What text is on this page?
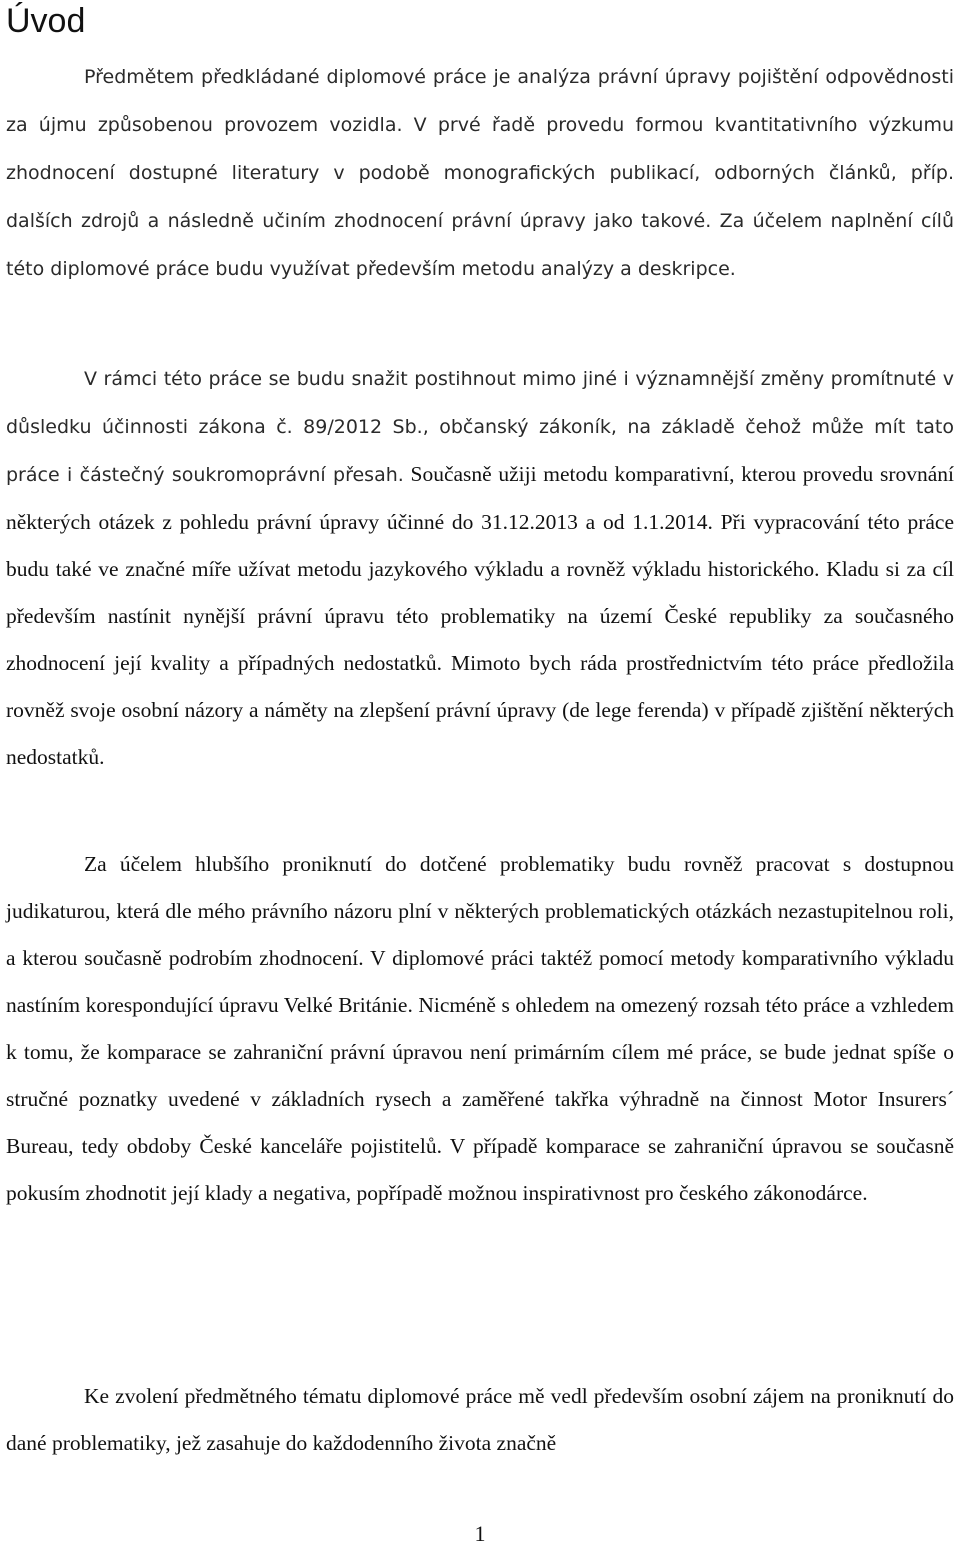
Úvod

Předmětem předkládané diplomové práce je analýza právní úpravy pojištění odpovědnosti za újmu způsobenou provozem vozidla. V prvé řadě provedu formou kvantitativního výzkumu zhodnocení dostupné literatury v podobě monografických publikací, odborných článků, příp. dalších zdrojů a následně učiním zhodnocení právní úpravy jako takové. Za účelem naplnění cílů této diplomové práce budu využívat především metodu analýzy a deskripce.

V rámci této práce se budu snažit postihnout mimo jiné i významnější změny promítnuté v důsledku účinnosti zákona č. 89/2012 Sb., občanský zákoník, na základě čehož může mít tato práce i částečný soukromoprávní přesah. Současně užiji metodu komparativní, kterou provedu srovnání některých otázek z pohledu právní úpravy účinné do 31.12.2013 a od 1.1.2014. Při vypracování této práce budu také ve značné míře užívat metodu jazykového výkladu a rovněž výkladu historického. Kladu si za cíl především nastínit nynější právní úpravu této problematiky na území České republiky za současného zhodnocení její kvality a případných nedostatků. Mimoto bych ráda prostřednictvím této práce předložila rovněž svoje osobní názory a náměty na zlepšení právní úpravy (de lege ferenda) v případě zjištění některých nedostatků.

Za účelem hlubšího proniknutí do dotčené problematiky budu rovněž pracovat s dostupnou judikaturou, která dle mého právního názoru plní v některých problematických otázkách nezastupitelnou roli, a kterou současně podrobím zhodnocení. V diplomové práci taktéž pomocí metody komparativního výkladu nastíním korespondující úpravu Velké Británie. Nicméně s ohledem na omezený rozsah této práce a vzhledem k tomu, že komparace se zahraniční právní úpravou není primárním cílem mé práce, se bude jednat spíše o stručné poznatky uvedené v základních rysech a zaměřené takřka výhradně na činnost Motor Insurers´ Bureau, tedy obdoby České kanceláře pojistitelů. V případě komparace se zahraniční úpravou se současně pokusím zhodnotit její klady a negativa, popřípadě možnou inspirativnost pro českého zákonodárce.

Ke zvolení předmětného tématu diplomové práce mě vedl především osobní zájem na proniknutí do dané problematiky, jež zasahuje do každodenního života značně

1
